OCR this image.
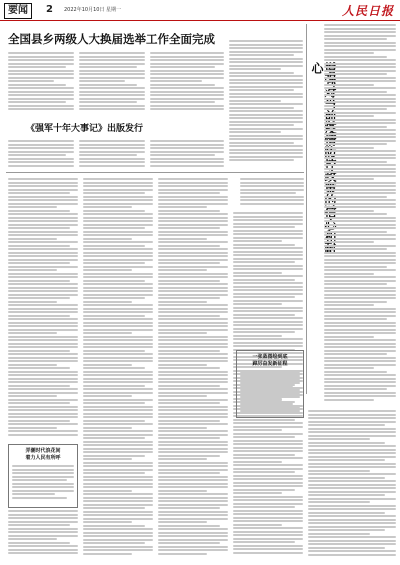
要闻	2 2022年10月10日 星期一	人民日报
全国县乡两级人大换届选举工作全面完成
增强对当前疫情防控政策的信 和 心
《强军十年大事记》出版发行
弄潮时代浪花间
着力人民有所呼
一张蓝图绘到底
踔厉奋发新征程
